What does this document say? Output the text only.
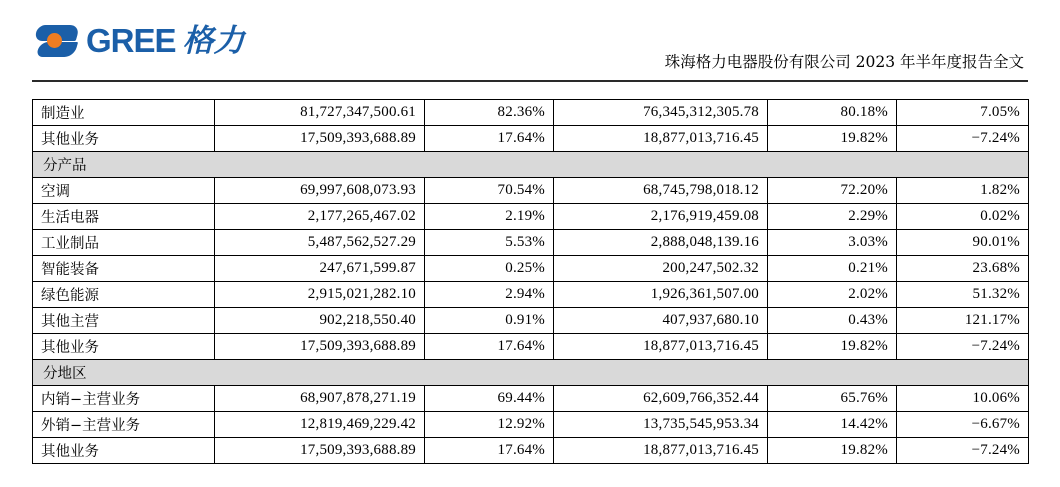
GREE 格力
珠海格力电器股份有限公司 2023 年半年度报告全文
制造业	81,727,347,500.61	82.36%	76,345,312,305.78	80.18%	7.05%
其他业务	17,509,393,688.89	17.64%	18,877,013,716.45	19.82%	−7.24%
分产品					
空调	69,997,608,073.93	70.54%	68,745,798,018.12	72.20%	1.82%
生活电器	2,177,265,467.02	2.19%	2,176,919,459.08	2.29%	0.02%
工业制品	5,487,562,527.29	5.53%	2,888,048,139.16	3.03%	90.01%
智能装备	247,671,599.87	0.25%	200,247,502.32	0.21%	23.68%
绿色能源	2,915,021,282.10	2.94%	1,926,361,507.00	2.02%	51.32%
其他主营	902,218,550.40	0.91%	407,937,680.10	0.43%	121.17%
其他业务	17,509,393,688.89	17.64%	18,877,013,716.45	19.82%	−7.24%
分地区					
内销−主营业务	68,907,878,271.19	69.44%	62,609,766,352.44	65.76%	10.06%
外销−主营业务	12,819,469,229.42	12.92%	13,735,545,953.34	14.42%	−6.67%
其他业务	17,509,393,688.89	17.64%	18,877,013,716.45	19.82%	−7.24%
